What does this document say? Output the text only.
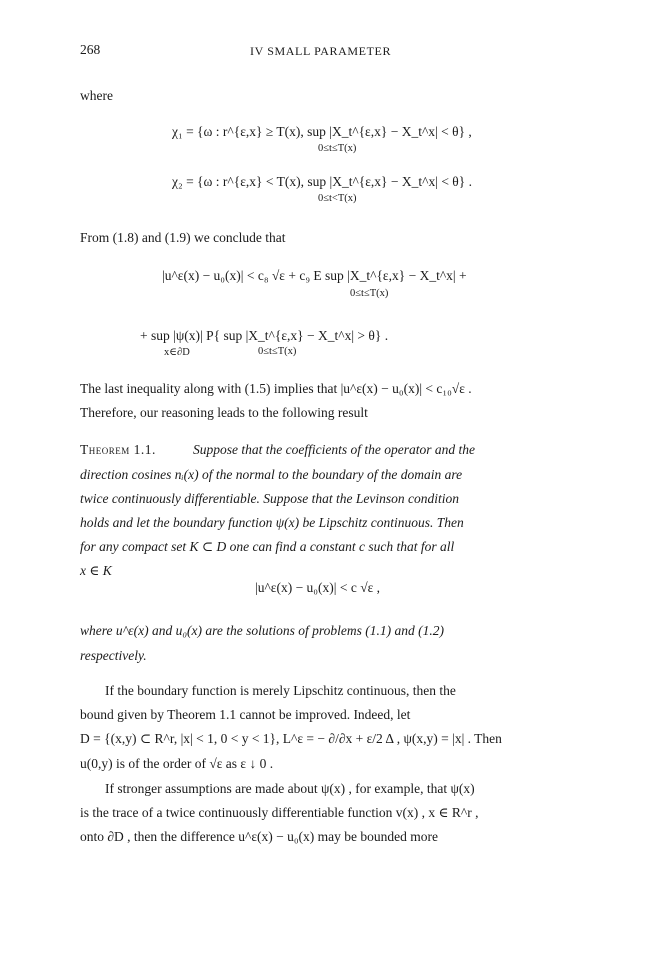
268	IV SMALL PARAMETER
where
χ₁ = {ω : r^{ε,x} ≥ T(x), sup |X_t^{ε,x} − X_t^x| < θ} ,
0≤t≤T(x)
χ₂ = {ω : r^{ε,x} < T(x), sup |X_t^{ε,x} − X_t^x| < θ} .
0≤t<T(x)
From (1.8) and (1.9) we conclude that
|u^ε(x) − u₀(x)| < c₈ √ε + c₉ E sup |X_t^{ε,x} − X_t^x| +
0≤t≤T(x)
+ sup |ψ(x)| P{ sup |X_t^{ε,x} − X_t^x| > θ} .
x∈∂D	0≤t≤T(x)
The last inequality along with (1.5) implies that |u^ε(x) − u₀(x)| < c₁₀√ε .
Therefore, our reasoning leads to the following result
Theorem 1.1.	Suppose that the coefficients of the operator and the
direction cosines nᵢ(x) of the normal to the boundary of the domain are
twice continuously differentiable. Suppose that the Levinson condition
holds and let the boundary function ψ(x) be Lipschitz continuous. Then
for any compact set K ⊂ D one can find a constant c such that for all
x ∈ K
|u^ε(x) − u₀(x)| < c √ε ,
where u^ε(x) and u₀(x) are the solutions of problems (1.1) and (1.2)
respectively.
If the boundary function is merely Lipschitz continuous, then the
bound given by Theorem 1.1 cannot be improved. Indeed, let
D = {(x,y) ⊂ R^r, |x| < 1, 0 < y < 1}, L^ε = − ∂/∂x + ε/2 Δ , ψ(x,y) = |x| . Then
u(0,y) is of the order of √ε as ε ↓ 0 .
If stronger assumptions are made about ψ(x) , for example, that ψ(x)
is the trace of a twice continuously differentiable function v(x) , x ∈ R^r ,
onto ∂D , then the difference u^ε(x) − u₀(x) may be bounded more
